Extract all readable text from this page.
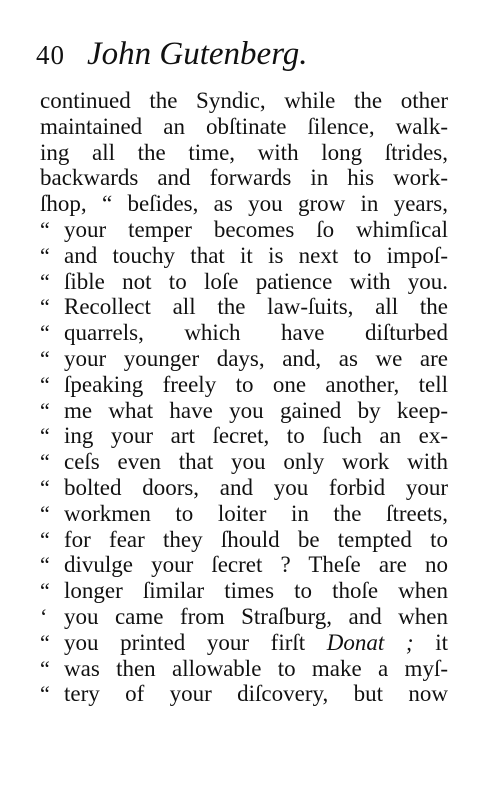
40 John Gutenberg.
continued the Syndic, while the other
maintained an obſtinate ſilence, walk-
ing all the time, with long ſtrides,
backwards and forwards in his work-
ſhop, “ beſides, as you grow in years,
“ your temper becomes ſo whimſical
“ and touchy that it is next to impoſ-
“ ſible not to loſe patience with you.
“ Recollect all the law-ſuits, all the
“ quarrels, which have diſturbed
“ your younger days, and, as we are
“ ſpeaking freely to one another, tell
“ me what have you gained by keep-
“ ing your art ſecret, to ſuch an ex-
“ ceſs even that you only work with
“ bolted doors, and you forbid your
“ workmen to loiter in the ſtreets,
“ for fear they ſhould be tempted to
“ divulge your ſecret ? Theſe are no
“ longer ſimilar times to thoſe when
‘ you came from Straſburg, and when
“ you printed your firſt Donat ; it
“ was then allowable to make a myſ-
“ tery of your diſcovery, but now
